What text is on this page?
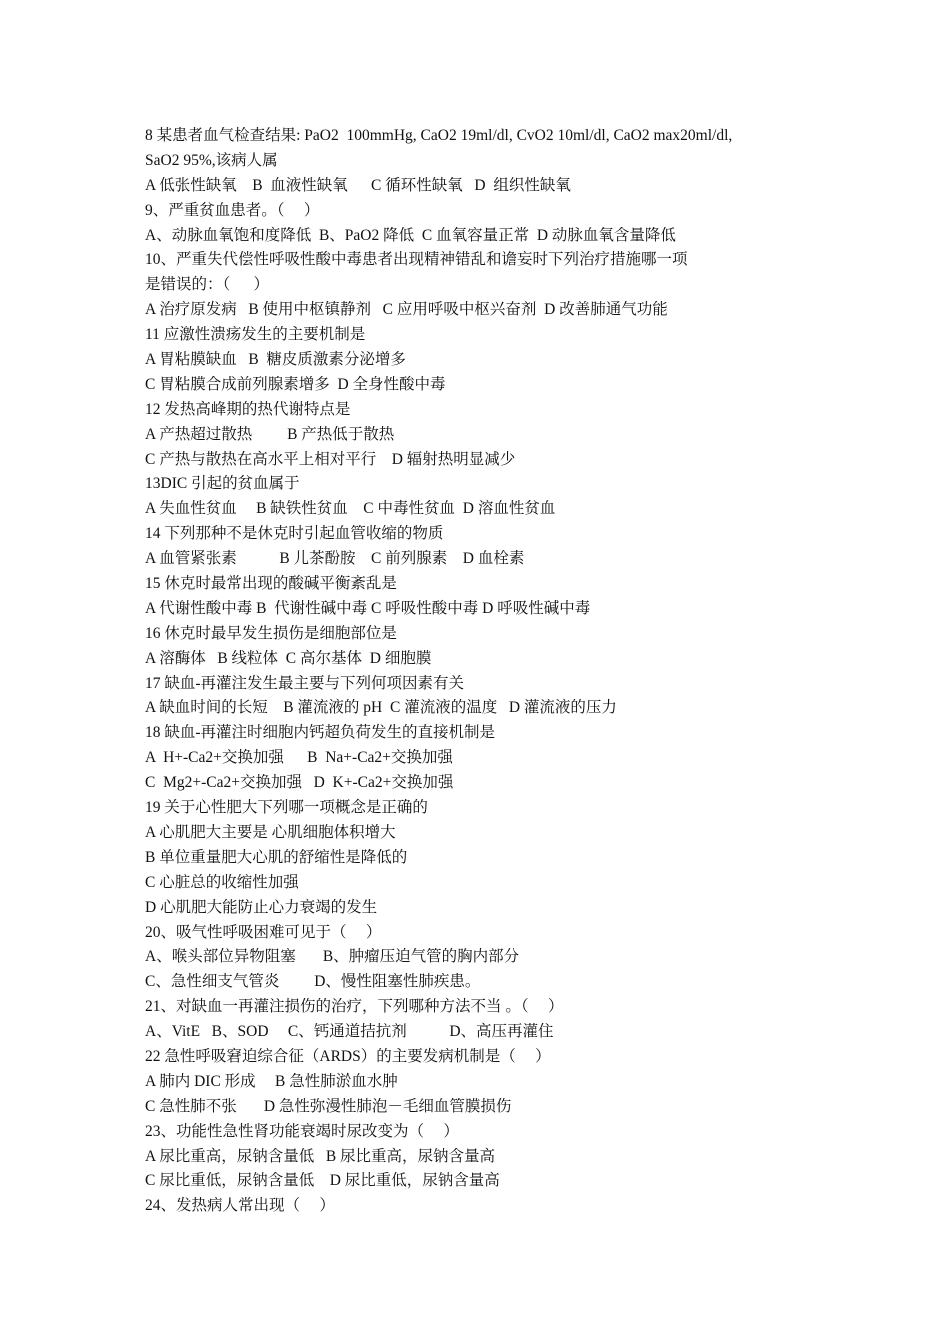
8 某患者血气检查结果: PaO2  100mmHg, CaO2 19ml/dl, CvO2 10ml/dl, CaO2 max20ml/dl,
SaO2 95%,该病人属
A 低张性缺氧    B  血液性缺氧      C 循环性缺氧   D  组织性缺氧
9、严重贫血患者。（     ）
A、动脉血氧饱和度降低  B、PaO2 降低  C 血氧容量正常  D 动脉血氧含量降低
10、严重失代偿性呼吸性酸中毒患者出现精神错乱和谵妄时下列治疗措施哪一项
是错误的：（      ）
A 治疗原发病   B 使用中枢镇静剂   C 应用呼吸中枢兴奋剂  D 改善肺通气功能
11 应激性溃疡发生的主要机制是
A 胃粘膜缺血   B  糖皮质激素分泌增多
C 胃粘膜合成前列腺素增多  D 全身性酸中毒
12 发热高峰期的热代谢特点是
A 产热超过散热         B 产热低于散热
C 产热与散热在高水平上相对平行    D 辐射热明显减少
13DIC 引起的贫血属于
A 失血性贫血     B 缺铁性贫血    C 中毒性贫血  D 溶血性贫血
14 下列那种不是休克时引起血管收缩的物质
A 血管紧张素           B 儿茶酚胺    C 前列腺素    D 血栓素
15 休克时最常出现的酸碱平衡紊乱是
A 代谢性酸中毒 B  代谢性碱中毒 C 呼吸性酸中毒 D 呼吸性碱中毒
16 休克时最早发生损伤是细胞部位是
A 溶酶体   B 线粒体  C 高尔基体  D 细胞膜
17 缺血-再灌注发生最主要与下列何项因素有关
A 缺血时间的长短    B 灌流液的 pH  C 灌流液的温度   D 灌流液的压力
18 缺血-再灌注时细胞内钙超负荷发生的直接机制是
A  H+-Ca2+交换加强      B  Na+-Ca2+交换加强
C  Mg2+-Ca2+交换加强   D  K+-Ca2+交换加强
19 关于心性肥大下列哪一项概念是正确的
A 心肌肥大主要是 心肌细胞体积增大
B 单位重量肥大心肌的舒缩性是降低的
C 心脏总的收缩性加强
D 心肌肥大能防止心力衰竭的发生
20、吸气性呼吸困难可见于（     ）
A、喉头部位异物阻塞       B、肿瘤压迫气管的胸内部分
C、急性细支气管炎         D、慢性阻塞性肺疾患。
21、对缺血一再灌注损伤的治疗，下列哪种方法不当 。（     ）
A、VitE   B、SOD     C、钙通道拮抗剂           D、高压再灌住
22 急性呼吸窘迫综合征（ARDS）的主要发病机制是（     ）
A 肺内 DIC 形成     B 急性肺淤血水肿
C 急性肺不张       D 急性弥漫性肺泡－毛细血管膜损伤
23、功能性急性肾功能衰竭时尿改变为（     ）
A 尿比重高，尿钠含量低   B 尿比重高，尿钠含量高
C 尿比重低，尿钠含量低    D 尿比重低，尿钠含量高
24、发热病人常出现（     ）
